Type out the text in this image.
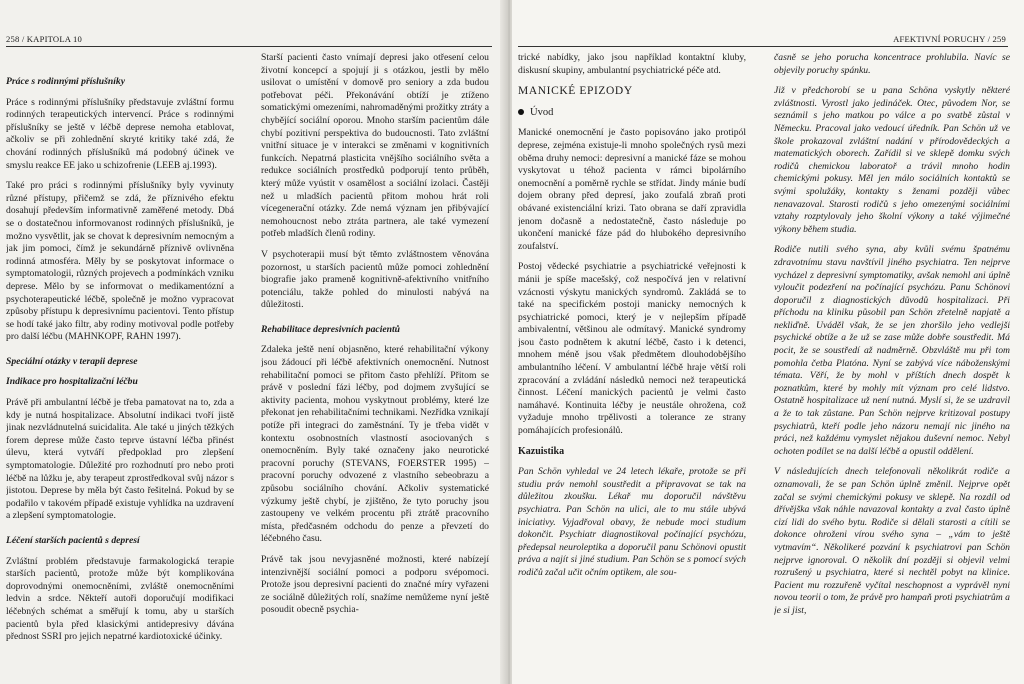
258 / KAPITOLA 10

Práce s rodinnými příslušníky

Práce s rodinnými příslušníky představuje zvláštní formu rodinných terapeutických intervencí. Práce s rodinnými příslušníky se ještě v léčbě deprese nemoha etablovat, ačkoliv se při zohlednění skryté kritiky také zdá, že chování rodinných příslušníků má podobný účinek ve smyslu reakce EE jako u schizofrenie (LEEB aj.1993).

Také pro práci s rodinnými příslušníky byly vyvinuty různé přístupy, přičemž se zdá, že příznivého efektu dosahují především informativně zaměřené metody. Dbá se o dostatečnou informovanost rodinných příslušníků, je možno vysvětlit, jak se chovat k depresivním nemocným a jak jim pomoci, čímž je sekundárně příznivě ovlivněna rodinná atmosféra. Měly by se poskytovat informace o symptomatologii, různých projevech a podmínkách vzniku deprese. Mělo by se informovat o medikamentózní a psychoterapeutické léčbě, společně je možno vypracovat způsoby přístupu k depresivnímu pacientovi. Tento přístup se hodí také jako filtr, aby rodiny motivoval podle potřeby pro další léčbu (MAHNKOPF, RAHN 1997).

Speciální otázky v terapii deprese

Indikace pro hospitalizační léčbu

Právě při ambulantní léčbě je třeba pamatovat na to, zda a kdy je nutná hospitalizace. Absolutní indikaci tvoří jistě jinak nezvládnutelná suicidalita. Ale také u jiných těžkých forem deprese může často teprve ústavní léčba přinést úlevu, která vytváří předpoklad pro zlepšení symptomatologie. Důležité pro rozhodnutí pro nebo proti léčbě na lůžku je, aby terapeut zprostředkoval svůj názor s jistotou. Deprese by měla být často řešitelná. Pokud by se podařilo v takovém případě existuje vyhlídka na uzdravení a zlepšení symptomatologie.

Léčení starších pacientů s depresí

Zvláštní problém představuje farmakologická terapie starších pacientů, protože může být komplikována doprovodnými onemocněními, zvláště onemocněními ledvin a srdce. Někteří autoři doporučují modifikaci léčebných schémat a směřují k tomu, aby u starších pacientů byla před klasickými antidepresivy dávána přednost SSRI pro jejich nepatrné kardiotoxické účinky.

Starší pacienti často vnímají depresi jako otřesení celou životní koncepcí a spojují ji s otázkou, jestli by mělo usilovat o umístění v domově pro seniory a zda budou potřebovat péči. Překonávání obtíží je ztíženo somatickými omezeními, nahromaděnými prožitky ztráty a chybějící sociální oporou. Mnoho starším pacientům dále chybí pozitivní perspektiva do budoucnosti. Tato zvláštní vnitřní situace je v interakci se změnami v kognitivních funkcích. Nepatrná plasticita vnějšího sociálního světa a redukce sociálních prostředků podporují tento průběh, který může vyústit v osamělost a sociální izolaci. Častěji než u mladších pacientů přitom mohou hrát roli vícegenerační otázky. Zde nemá význam jen přibývající nemohoucnost nebo ztráta partnera, ale také vymezení potřeb mladších členů rodiny.

V psychoterapii musí být těmto zvláštnostem věnována pozornost, u starších pacientů může pomoci zohlednění biografie jako prameně kognitivně-afektivního vnitřního potenciálu, takže pohled do minulosti nabývá na důležitosti.

Rehabilitace depresivních pacientů

Zdaleka ještě není objasněno, které rehabilitační výkony jsou žádoucí při léčbě afektivních onemocnění. Nutnost rehabilitační pomoci se přitom často přehlíží. Přitom se právě v poslední fázi léčby, pod dojmem zvyšující se aktivity pacienta, mohou vyskytnout problémy, které lze překonat jen rehabilitačními technikami. Nezřídka vznikají potíže při integraci do zaměstnání. Ty je třeba vidět v kontextu osobnostních vlastností asociovaných s onemocněním. Byly také označeny jako neurotické pracovní poruchy (STEVANS, FOERSTER 1995) – pracovní poruchy odvozené z vlastního sebeobrazu a způsobu sociálního chování. Ačkoliv systematické výzkumy ještě chybí, je zjištěno, že tyto poruchy jsou zastoupeny ve velkém procentu při ztrátě pracovního místa, předčasném odchodu do penze a převzetí do léčebného času.

Právě tak jsou nevyjasněné možnosti, které nabízejí intenzivnější sociální pomoci a podporu svépomoci. Protože jsou depresivní pacienti do značné míry vyřazeni ze sociálně důležitých rolí, snažíme nemůžeme nyní ještě posoudit obecně psychia-

AFEKTIVNÍ PORUCHY / 259

trické nabídky, jako jsou například kontaktní kluby, diskusní skupiny, ambulantní psychiatrické péče atd.

MANICKÉ EPIZODY

Úvod

Manické onemocnění je často popisováno jako protipól deprese, zejména existuje-li mnoho společných rysů mezi oběma druhy nemoci: depresivní a manické fáze se mohou vyskytovat u téhož pacienta v rámci bipolárního onemocnění a poměrně rychle se střídat. Jindy mánie budí dojem obrany před depresí, jako zoufalá zbraň proti obávané existenciální krizi. Tato obrana se daří zpravidla jenom dočasně a nedostatečně, často následuje po ukončení manické fáze pád do hlubokého depresivního zoufalství.

Postoj vědecké psychiatrie a psychiatrické veřejnosti k mánii je spíše macešský, což nespočívá jen v relativní vzácnosti výskytu manických syndromů. Zakládá se to také na specifickém postoji manicky nemocných k psychiatrické pomoci, který je v nejlepším případě ambivalentní, většinou ale odmítavý. Manické syndromy jsou často podnětem k akutní léčbě, často i k detenci, mnohem méně jsou však předmětem dlouhodobějšího ambulantního léčení. V ambulantní léčbě hraje větší roli zpracování a zvládání následků nemoci než terapeutická činnost. Léčení manických pacientů je velmi často namáhavé. Kontinuita léčby je neustále ohrožena, což vyžaduje mnoho trpělivosti a tolerance ze strany pomáhajících profesionálů.

Kazuistika

Pan Schön vyhledal ve 24 letech lékaře, protože se při studiu práv nemohl soustředit a připravovat se tak na důležitou zkoušku. Lékař mu doporučil návštěvu psychiatra. Pan Schön na ulici, ale to mu stále ubývá iniciativy. Vyjadřoval obavy, že nebude moci studium dokončit. Psychiatr diagnostikoval počínající psychózu, předepsal neuroleptika a doporučil panu Schönovi opustit práva a najít si jiné studium. Pan Schön se s pomocí svých rodičů začal učit očním optikem, ale sou-

časně se jeho porucha koncentrace prohlubila. Navíc se objevily poruchy spánku.

Již v předchorobí se u pana Schöna vyskytly některé zvláštnosti. Vyrostl jako jedináček. Otec, původem Nor, se seznámil s jeho matkou po válce a po svatbě zůstal v Německu. Pracoval jako vedoucí úředník. Pan Schön už ve škole prokazoval zvláštní nadání v přírodovědeckých a matematických oborech. Zařídil si ve sklepě domku svých rodičů chemickou laboratoř a trávil mnoho hodin chemickými pokusy. Měl jen málo sociálních kontaktů se svými spolužáky, kontakty s ženami později vůbec nenavazoval. Starosti rodičů s jeho omezenými sociálními vztahy rozptylovaly jeho školní výkony a také výjimečné výkony během studia.

Rodiče nutili svého syna, aby kvůli svému špatnému zdravotnímu stavu navštívil jiného psychiatra. Ten nejprve vycházel z depresivní symptomatiky, avšak nemohl ani úplně vyloučit podezření na počínající psychózu. Panu Schönovi doporučil z diagnostických důvodů hospitalizaci. Při příchodu na kliniku působil pan Schön zřetelně napjatě a nekliďně. Uváděl však, že se jen zhoršilo jeho vedlejší psychické obtíže a že už se zase může dobře soustředit. Má pocit, že se soustředí až nadměrně. Obzvláště mu při tom pomohla četba Platóna. Nyní se zabývá více náboženskými témata. Věří, že by mohl v příštích dnech dospět k poznatkům, které by mohly mít význam pro celé lidstvo. Ostatně hospitalizace už není nutná. Myslí si, že se uzdravil a že to tak zůstane. Pan Schön nejprve kritizoval postupy psychiatrů, kteří podle jeho názoru nemají nic jiného na práci, než každému vymyslet nějakou duševní nemoc. Nebyl ochoten podílet se na další léčbě a opustil oddělení.

V následujících dnech telefonovali několikrát rodiče a oznamovali, že se pan Schön úplně změnil. Nejprve opět začal se svými chemickými pokusy ve sklepě. Na rozdíl od dřívějška však náhle navazoval kontakty a zval často úplně cizí lidi do svého bytu. Rodiče si dělali starosti a cítili se dokonce ohroženi vírou svého syna – „vám to ještě vytmavím“. Několikeré pozvání k psychiatrovi pan Schön nejprve ignoroval. O několik dní později si objevil velmi rozrušený u psychiatra, které si nechtěl pobyt na klinice. Pacient mu rozzuřeně vyčítal neschopnost a vyprávěl nyní novou teorii o tom, že právě pro hampaň proti psychiatrům a je si jist,
